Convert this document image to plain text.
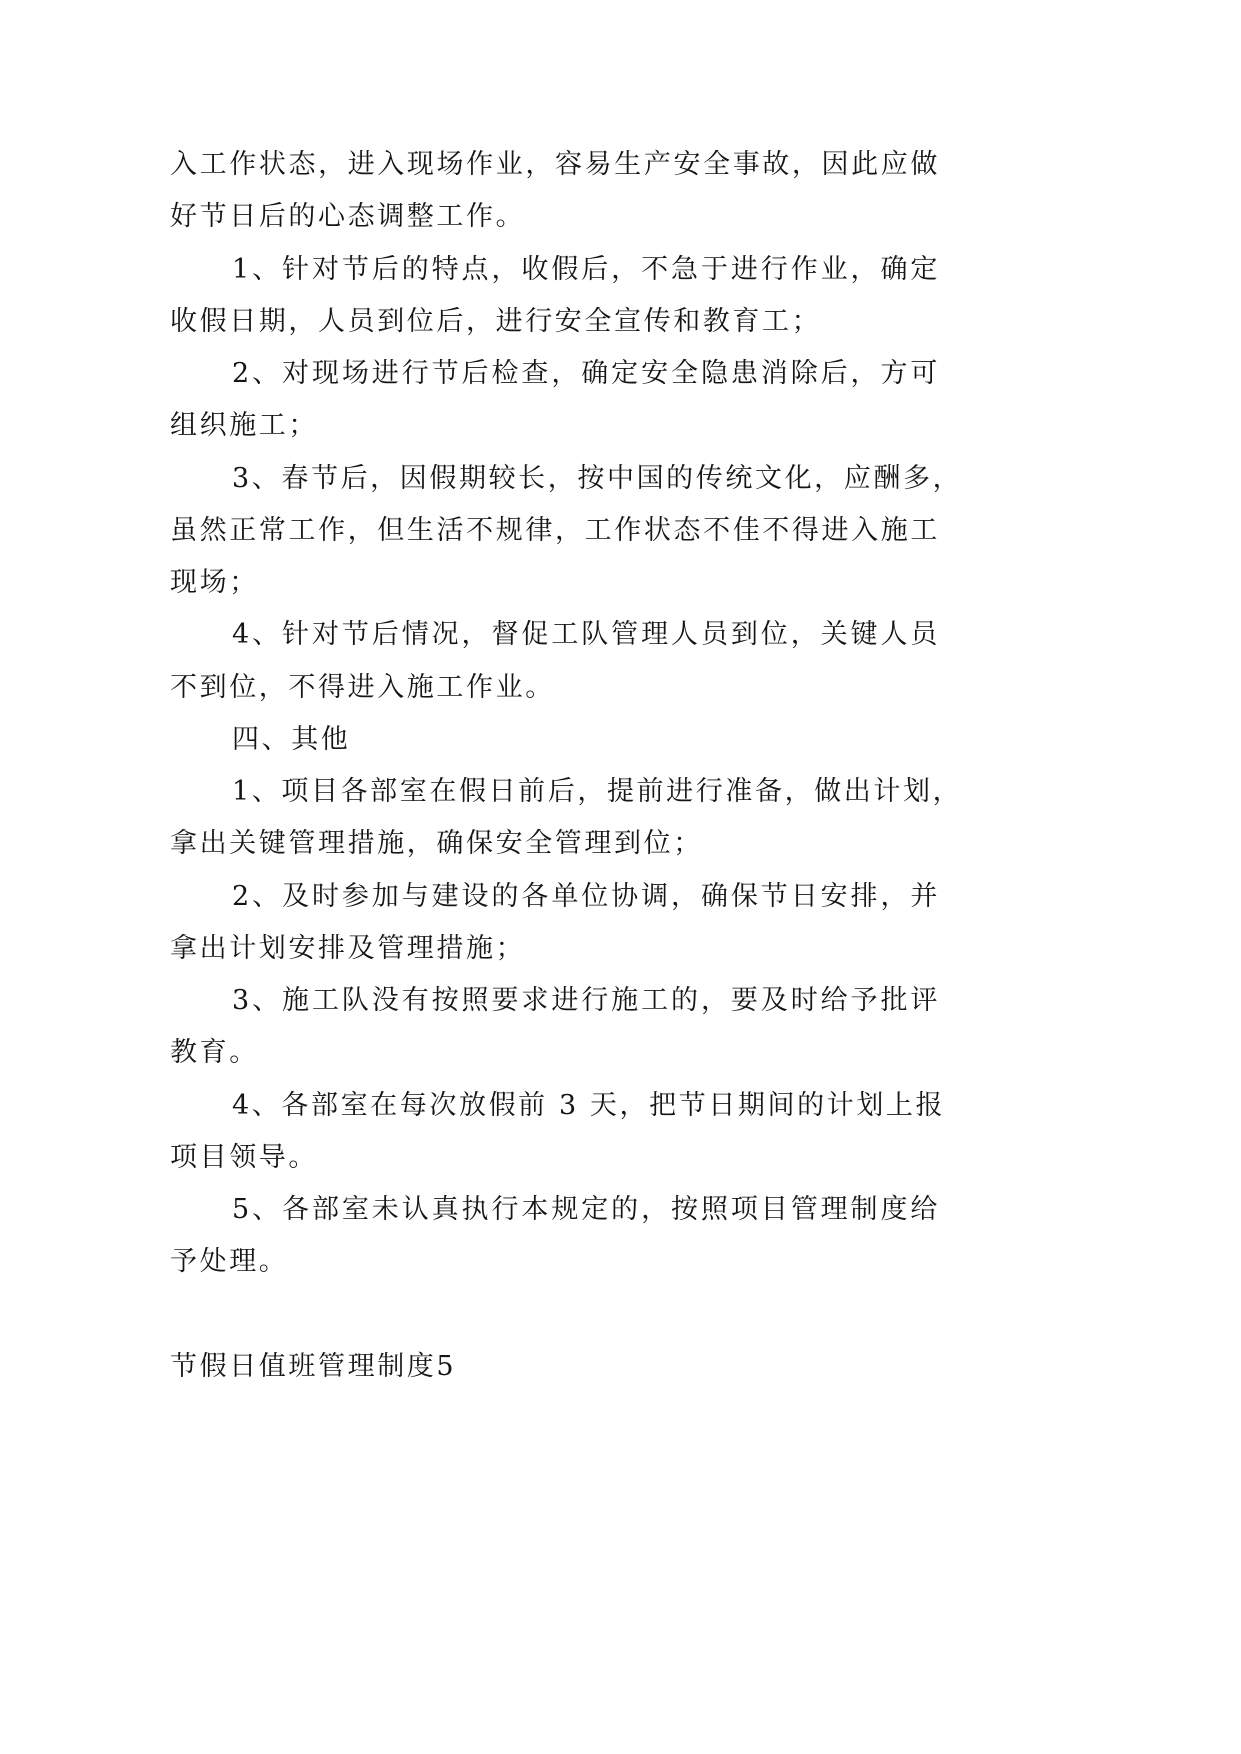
入工作状态，进入现场作业，容易生产安全事故，因此应做
好节日后的心态调整工作。
1、针对节后的特点，收假后，不急于进行作业，确定
收假日期，人员到位后，进行安全宣传和教育工；
2、对现场进行节后检查，确定安全隐患消除后，方可
组织施工；
3、春节后，因假期较长，按中国的传统文化，应酬多，
虽然正常工作，但生活不规律，工作状态不佳不得进入施工
现场；
4、针对节后情况，督促工队管理人员到位，关键人员
不到位，不得进入施工作业。
四、其他
1、项目各部室在假日前后，提前进行准备，做出计划，
拿出关键管理措施，确保安全管理到位；
2、及时参加与建设的各单位协调，确保节日安排，并
拿出计划安排及管理措施；
3、施工队没有按照要求进行施工的，要及时给予批评
教育。
4、各部室在每次放假前 3 天，把节日期间的计划上报
项目领导。
5、各部室未认真执行本规定的，按照项目管理制度给
予处理。
节假日值班管理制度5
